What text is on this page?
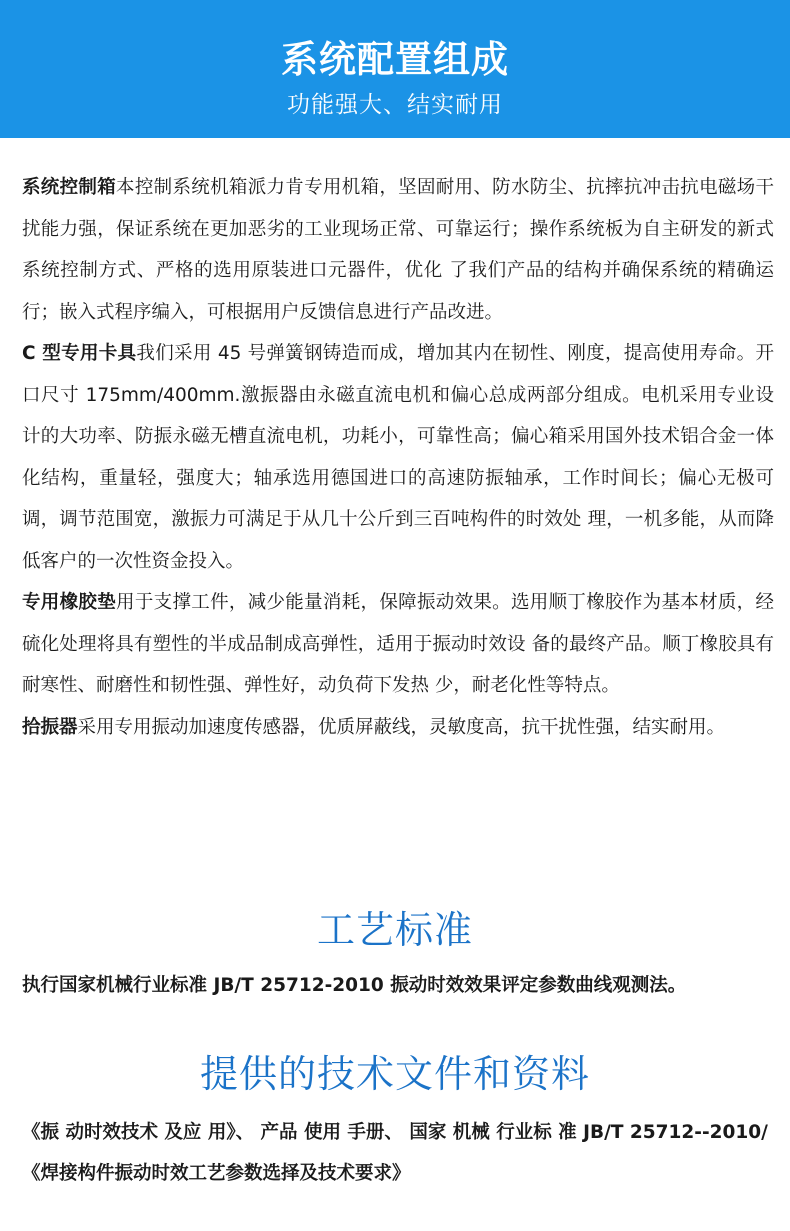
系统配置组成
功能强大、结实耐用

系统控制箱本控制系统机箱派力肯专用机箱，坚固耐用、防水防尘、抗摔抗冲击抗电磁场干扰能力强，保证系统在更加恶劣的工业现场正常、可靠运行；操作系统板为自主研发的新式系统控制方式、严格的选用原装进口元器件，优化 了我们产品的结构并确保系统的精确运行；嵌入式程序编入，可根据用户反馈信息进行产品改进。

C 型专用卡具我们采用 45 号弹簧钢铸造而成，增加其内在韧性、刚度，提高使用寿命。开口尺寸 175mm/400mm.激振器由永磁直流电机和偏心总成两部分组成。电机采用专业设计的大功率、防振永磁无槽直流电机，功耗小，可靠性高；偏心箱采用国外技术铝合金一体化结构，重量轻，强度大；轴承选用德国进口的高速防振轴承，工作时间长；偏心无极可调，调节范围宽，激振力可满足于从几十公斤到三百吨构件的时效处 理，一机多能，从而降低客户的一次性资金投入。

专用橡胶垫用于支撑工件，减少能量消耗，保障振动效果。选用顺丁橡胶作为基本材质，经硫化处理将具有塑性的半成品制成高弹性，适用于振动时效设 备的最终产品。顺丁橡胶具有耐寒性、耐磨性和韧性强、弹性好，动负荷下发热 少，耐老化性等特点。

拾振器采用专用振动加速度传感器，优质屏蔽线，灵敏度高，抗干扰性强，结实耐用。

工艺标准
执行国家机械行业标准 JB/T 25712-2010 振动时效效果评定参数曲线观测法。
提供的技术文件和资料
《振 动时效技术 及应 用》、 产品 使用 手册、 国家 机械 行业标 准 JB/T 25712--2010/《焊接构件振动时效工艺参数选择及技术要求》
